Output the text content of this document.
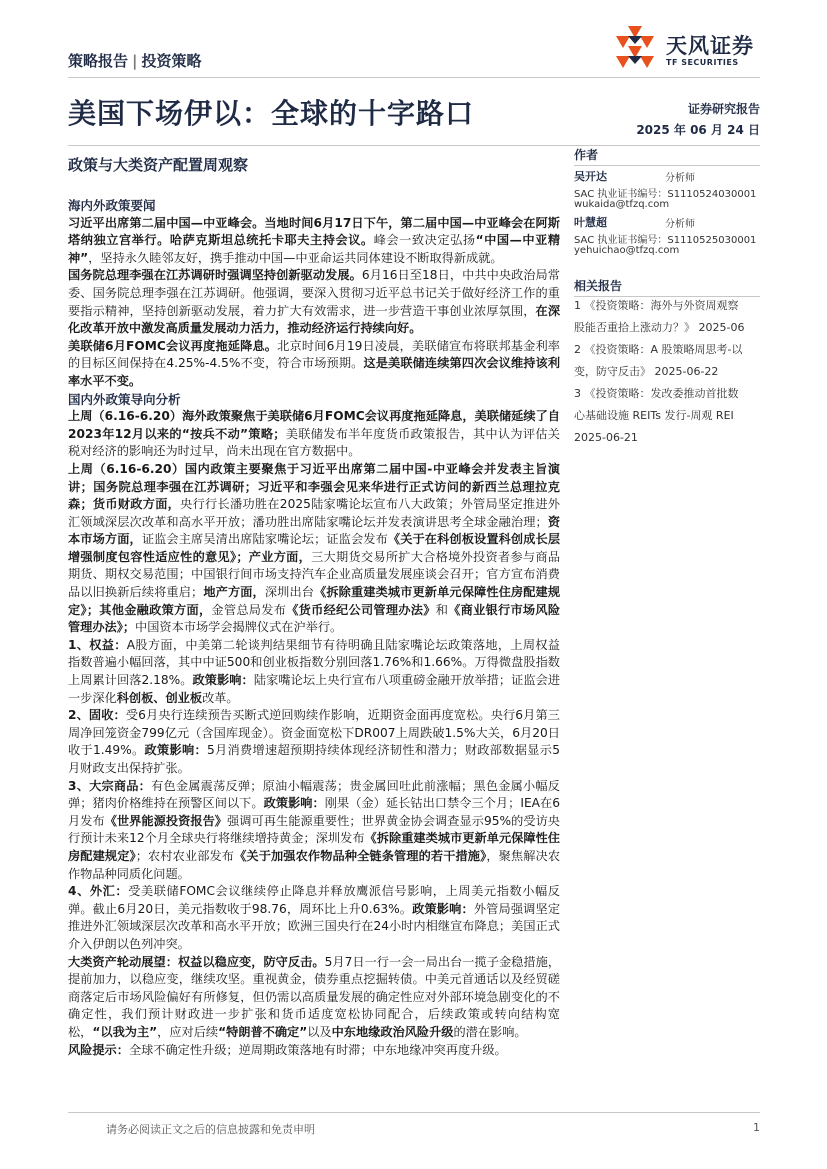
策略报告 | 投资策略
天风证券
TF SECURITIES
美国下场伊以：全球的十字路口	证券研究报告
2025 年 06 月 24 日
政策与大类资产配置周观察
作者
吴开达	分析师
SAC 执业证书编号：S1110524030001
wukaida@tfzq.com
叶慧超	分析师
SAC 执业证书编号：S1110525030001
yehuichao@tfzq.com
相关报告
1 《投资策略：海外与外资周观察
股能否重拾上涨动力？》 2025-06
2 《投资策略：A 股策略周思考-以
变，防守反击》 2025-06-22
3 《投资策略：发改委推动首批数
心基础设施 REITs 发行-周观 REI
2025-06-21

海内外政策要闻

习近平出席第二届中国—中亚峰会。当地时间6月17日下午，第二届中国—中亚峰会在阿斯塔纳独立宫举行。哈萨克斯坦总统托卡耶夫主持会议。峰会一致决定弘扬“中国—中亚精神”，坚持永久睦邻友好，携手推动中国—中亚命运共同体建设不断取得新成就。

国务院总理李强在江苏调研时强调坚持创新驱动发展。6月16日至18日，中共中央政治局常委、国务院总理李强在江苏调研。他强调，要深入贯彻习近平总书记关于做好经济工作的重要指示精神，坚持创新驱动发展，着力扩大有效需求，进一步营造干事创业浓厚氛围，在深化改革开放中激发高质量发展动力活力，推动经济运行持续向好。

美联储6月FOMC会议再度拖延降息。北京时间6月19日凌晨，美联储宣布将联邦基金利率的目标区间保持在4.25%-4.5%不变，符合市场预期。这是美联储连续第四次会议维持该利率水平不变。

国内外政策导向分析

上周（6.16-6.20）海外政策聚焦于美联储6月FOMC会议再度拖延降息，美联储延续了自2023年12月以来的“按兵不动”策略；美联储发布半年度货币政策报告，其中认为评估关税对经济的影响还为时过早，尚未出现在官方数据中。

上周（6.16-6.20）国内政策主要聚焦于习近平出席第二届中国-中亚峰会并发表主旨演讲；国务院总理李强在江苏调研；习近平和李强会见来华进行正式访问的新西兰总理拉克森；货币财政方面，央行行长潘功胜在2025陆家嘴论坛宣布八大政策；外管局坚定推进外汇领域深层次改革和高水平开放；潘功胜出席陆家嘴论坛并发表演讲思考全球金融治理；资本市场方面，证监会主席吴清出席陆家嘴论坛；证监会发布《关于在科创板设置科创成长层 增强制度包容性适应性的意见》；产业方面，三大期货交易所扩大合格境外投资者参与商品期货、期权交易范围；中国银行间市场支持汽车企业高质量发展座谈会召开；官方宣布消费品以旧换新后续将重启；地产方面，深圳出台《拆除重建类城市更新单元保障性住房配建规定》；其他金融政策方面，金管总局发布《货币经纪公司管理办法》和《商业银行市场风险管理办法》；中国资本市场学会揭牌仪式在沪举行。

1、权益：A股方面，中美第二轮谈判结果细节有待明确且陆家嘴论坛政策落地，上周权益指数普遍小幅回落，其中中证500和创业板指数分别回落1.76%和1.66%。万得微盘股指数上周累计回落2.18%。政策影响：陆家嘴论坛上央行宣布八项重磅金融开放举措；证监会进一步深化科创板、创业板改革。

2、固收：受6月央行连续预告买断式逆回购续作影响，近期资金面再度宽松。央行6月第三周净回笼资金799亿元（含国库现金）。资金面宽松下DR007上周跌破1.5%大关，6月20日收于1.49%。政策影响：5月消费增速超预期持续体现经济韧性和潜力；财政部数据显示5月财政支出保持扩张。

3、大宗商品：有色金属震荡反弹；原油小幅震荡；贵金属回吐此前涨幅；黑色金属小幅反弹；猪肉价格维持在预警区间以下。政策影响：刚果（金）延长钴出口禁令三个月；IEA在6月发布《世界能源投资报告》强调可再生能源重要性；世界黄金协会调查显示95%的受访央行预计未来12个月全球央行将继续增持黄金；深圳发布《拆除重建类城市更新单元保障性住房配建规定》；农村农业部发布《关于加强农作物品种全链条管理的若干措施》，聚焦解决农作物品种同质化问题。

4、外汇：受美联储FOMC会议继续停止降息并释放鹰派信号影响，上周美元指数小幅反弹。截止6月20日，美元指数收于98.76，周环比上升0.63%。政策影响：外管局强调坚定推进外汇领域深层次改革和高水平开放；欧洲三国央行在24小时内相继宣布降息；美国正式介入伊朗以色列冲突。

大类资产轮动展望：权益以稳应变，防守反击。5月7日一行一会一局出台一揽子金稳措施，提前加力，以稳应变，继续攻坚。重视黄金，债券重点挖掘转债。中美元首通话以及经贸磋商落定后市场风险偏好有所修复，但仍需以高质量发展的确定性应对外部环境急剧变化的不确定性，我们预计财政进一步扩张和货币适度宽松协同配合，后续政策或转向结构宽松，“以我为主”，应对后续“特朗普不确定”以及中东地缘政治风险升级的潜在影响。

风险提示：全球不确定性升级；逆周期政策落地有时滞；中东地缘冲突再度升级。

请务必阅读正文之后的信息披露和免责申明	1
